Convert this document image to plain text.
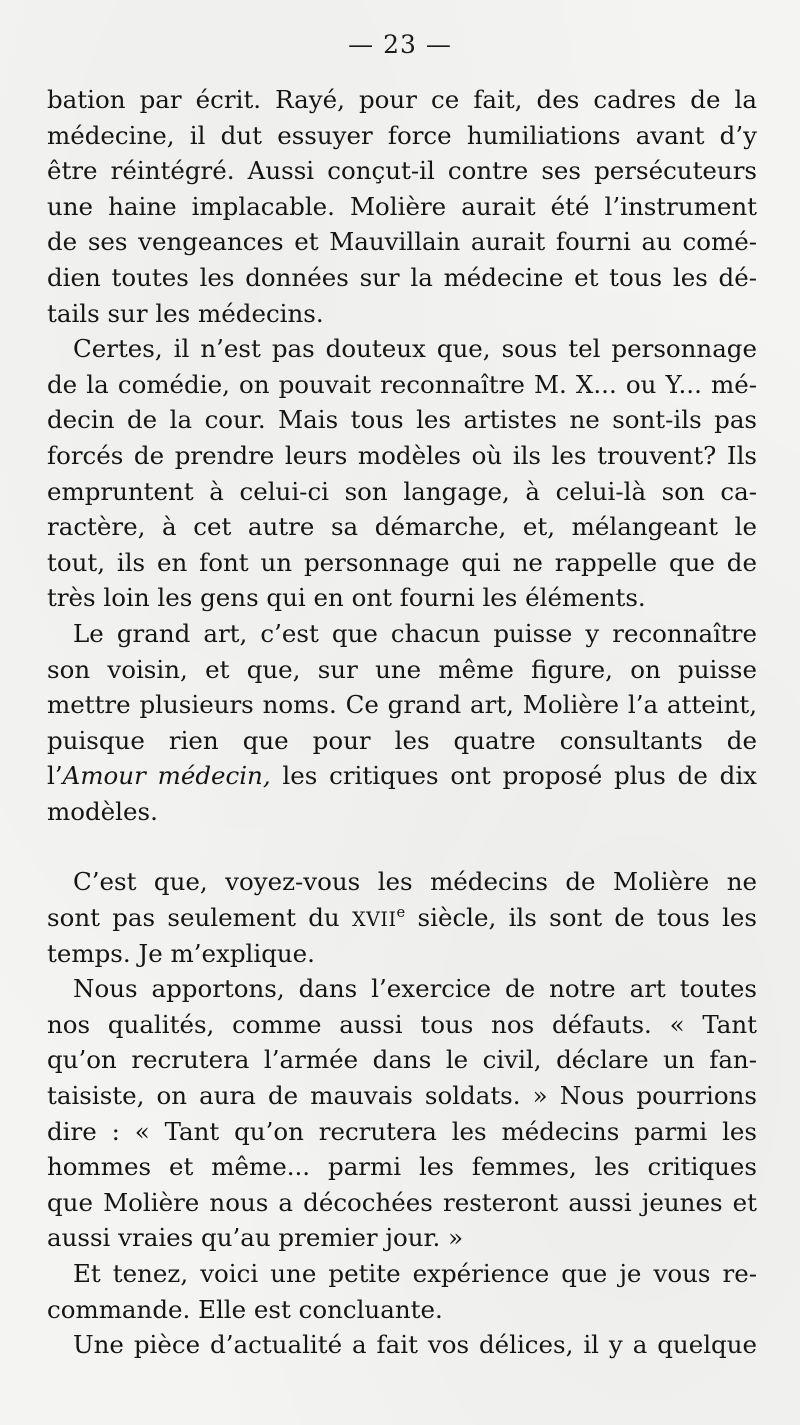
— 23 —
bation par écrit. Rayé, pour ce fait, des cadres de la
médecine, il dut essuyer force humiliations avant d’y
être réintégré. Aussi conçut-il contre ses persécuteurs
une haine implacable. Molière aurait été l’instrument
de ses vengeances et Mauvillain aurait fourni au comé-
dien toutes les données sur la médecine et tous les dé-
tails sur les médecins.
Certes, il n’est pas douteux que, sous tel personnage
de la comédie, on pouvait reconnaître M. X... ou Y... mé-
decin de la cour. Mais tous les artistes ne sont-ils pas
forcés de prendre leurs modèles où ils les trouvent? Ils
empruntent à celui-ci son langage, à celui-là son ca-
ractère, à cet autre sa démarche, et, mélangeant le
tout, ils en font un personnage qui ne rappelle que de
très loin les gens qui en ont fourni les éléments.
Le grand art, c’est que chacun puisse y reconnaître
son voisin, et que, sur une même figure, on puisse
mettre plusieurs noms. Ce grand art, Molière l’a atteint,
puisque rien que pour les quatre consultants de
l’Amour médecin, les critiques ont proposé plus de dix
modèles.
C’est que, voyez-vous les médecins de Molière ne
sont pas seulement du XVIIe siècle, ils sont de tous les
temps. Je m’explique.
Nous apportons, dans l’exercice de notre art toutes
nos qualités, comme aussi tous nos défauts. « Tant
qu’on recrutera l’armée dans le civil, déclare un fan-
taisiste, on aura de mauvais soldats. » Nous pourrions
dire : « Tant qu’on recrutera les médecins parmi les
hommes et même... parmi les femmes, les critiques
que Molière nous a décochées resteront aussi jeunes et
aussi vraies qu’au premier jour. »
Et tenez, voici une petite expérience que je vous re-
commande. Elle est concluante.
Une pièce d’actualité a fait vos délices, il y a quelque
